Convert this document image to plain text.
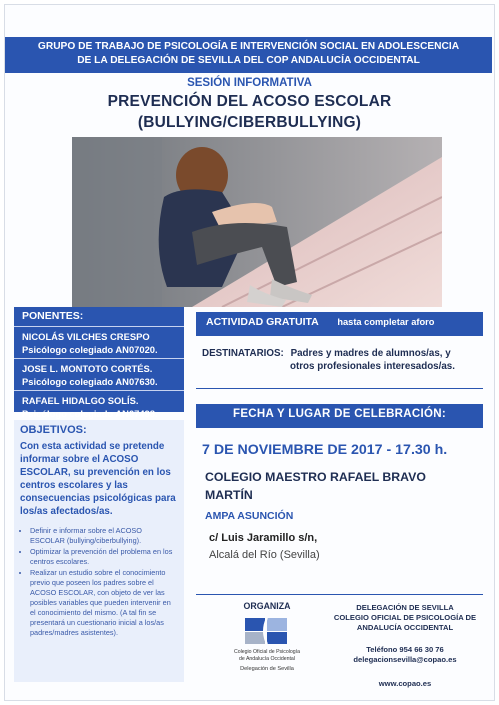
GRUPO DE TRABAJO DE PSICOLOGÍA E INTERVENCIÓN SOCIAL EN ADOLESCENCIA
DE LA DELEGACIÓN DE SEVILLA DEL COP ANDALUCÍA OCCIDENTAL
SESIÓN INFORMATIVA
PREVENCIÓN DEL ACOSO ESCOLAR
(BULLYING/CIBERBULLYING)
PONENTES:
NICOLÁS VILCHES CRESPO
Psicólogo colegiado AN07020.
JOSE L. MONTOTO CORTÉS.
Psicólogo colegiado AN07630.
RAFAEL HIDALGO SOLÍS.
Psicólogo colegiado AN07498.
OBJETIVOS:
Con esta actividad se pretende informar sobre el ACOSO ESCOLAR, su prevención en los centros escolares y las consecuencias psicológicas para los/as afectados/as.
• Definir e informar sobre el ACOSO ESCOLAR (bullying/ciberbullying).
• Optimizar la prevención del problema en los centros escolares.
• Realizar un estudio sobre el conocimiento previo que poseen los padres sobre el ACOSO ESCOLAR, con objeto de ver las posibles variables que pueden intervenir en el conocimiento del mismo. (A tal fin se presentará un cuestionario inicial a los/as padres/madres asistentes).
ACTIVIDAD GRATUITA hasta completar aforo
DESTINATARIOS: Padres y madres de alumnos/as, y
otros profesionales interesados/as.
FECHA Y LUGAR DE CELEBRACIÓN:
7 DE NOVIEMBRE DE 2017 - 17.30 h.
COLEGIO MAESTRO RAFAEL BRAVO
MARTÍN
AMPA ASUNCIÓN
c/ Luis Jaramillo s/n,
Alcalá del Río (Sevilla)
ORGANIZA
Colegio Oficial de Psicología
de Andalucía Occidental
Delegación de Sevilla
DELEGACIÓN DE SEVILLA
COLEGIO OFICIAL DE PSICOLOGÍA DE
ANDALUCÍA OCCIDENTAL
Teléfono 954 66 30 76
delegacionsevilla@copao.es
www.copao.es
